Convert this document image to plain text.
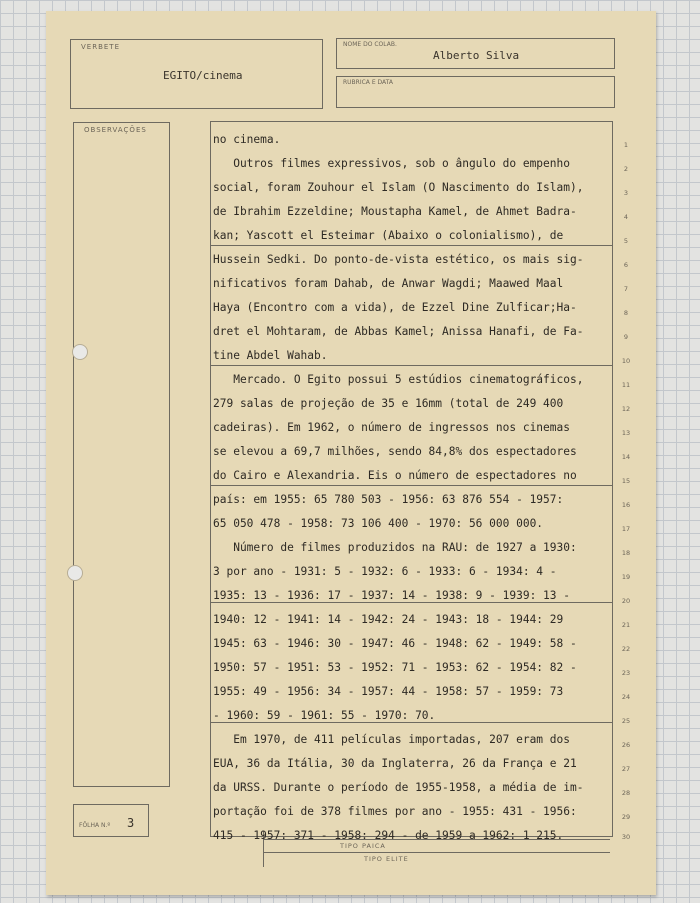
VERBETE
EGITO/cinema
NOME DO COLAB.
Alberto Silva
RUBRICA E DATA
OBSERVAÇÕES
FÔLHA N.º 3
TIPO PAICA
TIPO ELITE
no cinema.
Outros filmes expressivos, sob o ângulo do empenho
social, foram Zouhour el Islam (O Nascimento do Islam),
de Ibrahim Ezzeldine; Moustapha Kamel, de Ahmet Badra-
kan; Yascott el Esteimar (Abaixo o colonialismo), de
Hussein Sedki. Do ponto-de-vista estético, os mais sig-
nificativos foram Dahab, de Anwar Wagdi; Maawed Maal
Haya (Encontro com a vida), de Ezzel Dine Zulficar;Ha-
dret el Mohtaram, de Abbas Kamel; Anissa Hanafi, de Fa-
tine Abdel Wahab.
Mercado. O Egito possui 5 estúdios cinematográficos,
279 salas de projeção de 35 e 16mm (total de 249 400
cadeiras). Em 1962, o número de ingressos nos cinemas
se elevou a 69,7 milhões, sendo 84,8% dos espectadores
do Cairo e Alexandria. Eis o número de espectadores no
país: em 1955: 65 780 503 - 1956: 63 876 554 - 1957:
65 050 478 - 1958: 73 106 400 - 1970: 56 000 000.
Número de filmes produzidos na RAU: de 1927 a 1930:
3 por ano - 1931: 5 - 1932: 6 - 1933: 6 - 1934: 4 -
1935: 13 - 1936: 17 - 1937: 14 - 1938: 9 - 1939: 13 -
1940: 12 - 1941: 14 - 1942: 24 - 1943: 18 - 1944: 29
1945: 63 - 1946: 30 - 1947: 46 - 1948: 62 - 1949: 58 -
1950: 57 - 1951: 53 - 1952: 71 - 1953: 62 - 1954: 82 -
1955: 49 - 1956: 34 - 1957: 44 - 1958: 57 - 1959: 73
- 1960: 59 - 1961: 55 - 1970: 70.
Em 1970, de 411 películas importadas, 207 eram dos
EUA, 36 da Itália, 30 da Inglaterra, 26 da França e 21
da URSS. Durante o período de 1955-1958, a média de im-
portação foi de 378 filmes por ano - 1955: 431 - 1956:
415 - 1957: 371 - 1958: 294 - de 1959 a 1962: 1 215.
1
2
3
4
5
6
7
8
9
10
11
12
13
14
15
16
17
18
19
20
21
22
23
24
25
26
27
28
29
30
